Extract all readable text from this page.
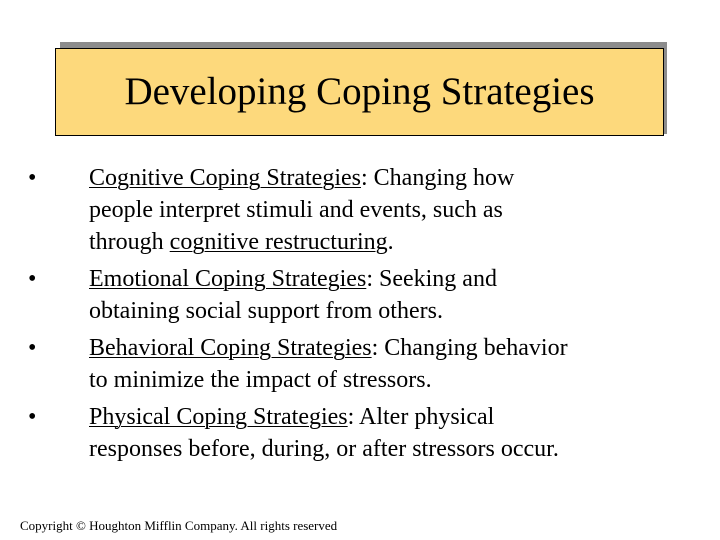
Developing Coping Strategies
•	Cognitive Coping Strategies: Changing how
people interpret stimuli and events, such as
through cognitive restructuring.
•	Emotional Coping Strategies: Seeking and
obtaining social support from others.
•	Behavioral Coping Strategies: Changing behavior
to minimize the impact of stressors.
•	Physical Coping Strategies: Alter physical
responses before, during, or after stressors occur.
Copyright © Houghton Mifflin Company. All rights reserved
